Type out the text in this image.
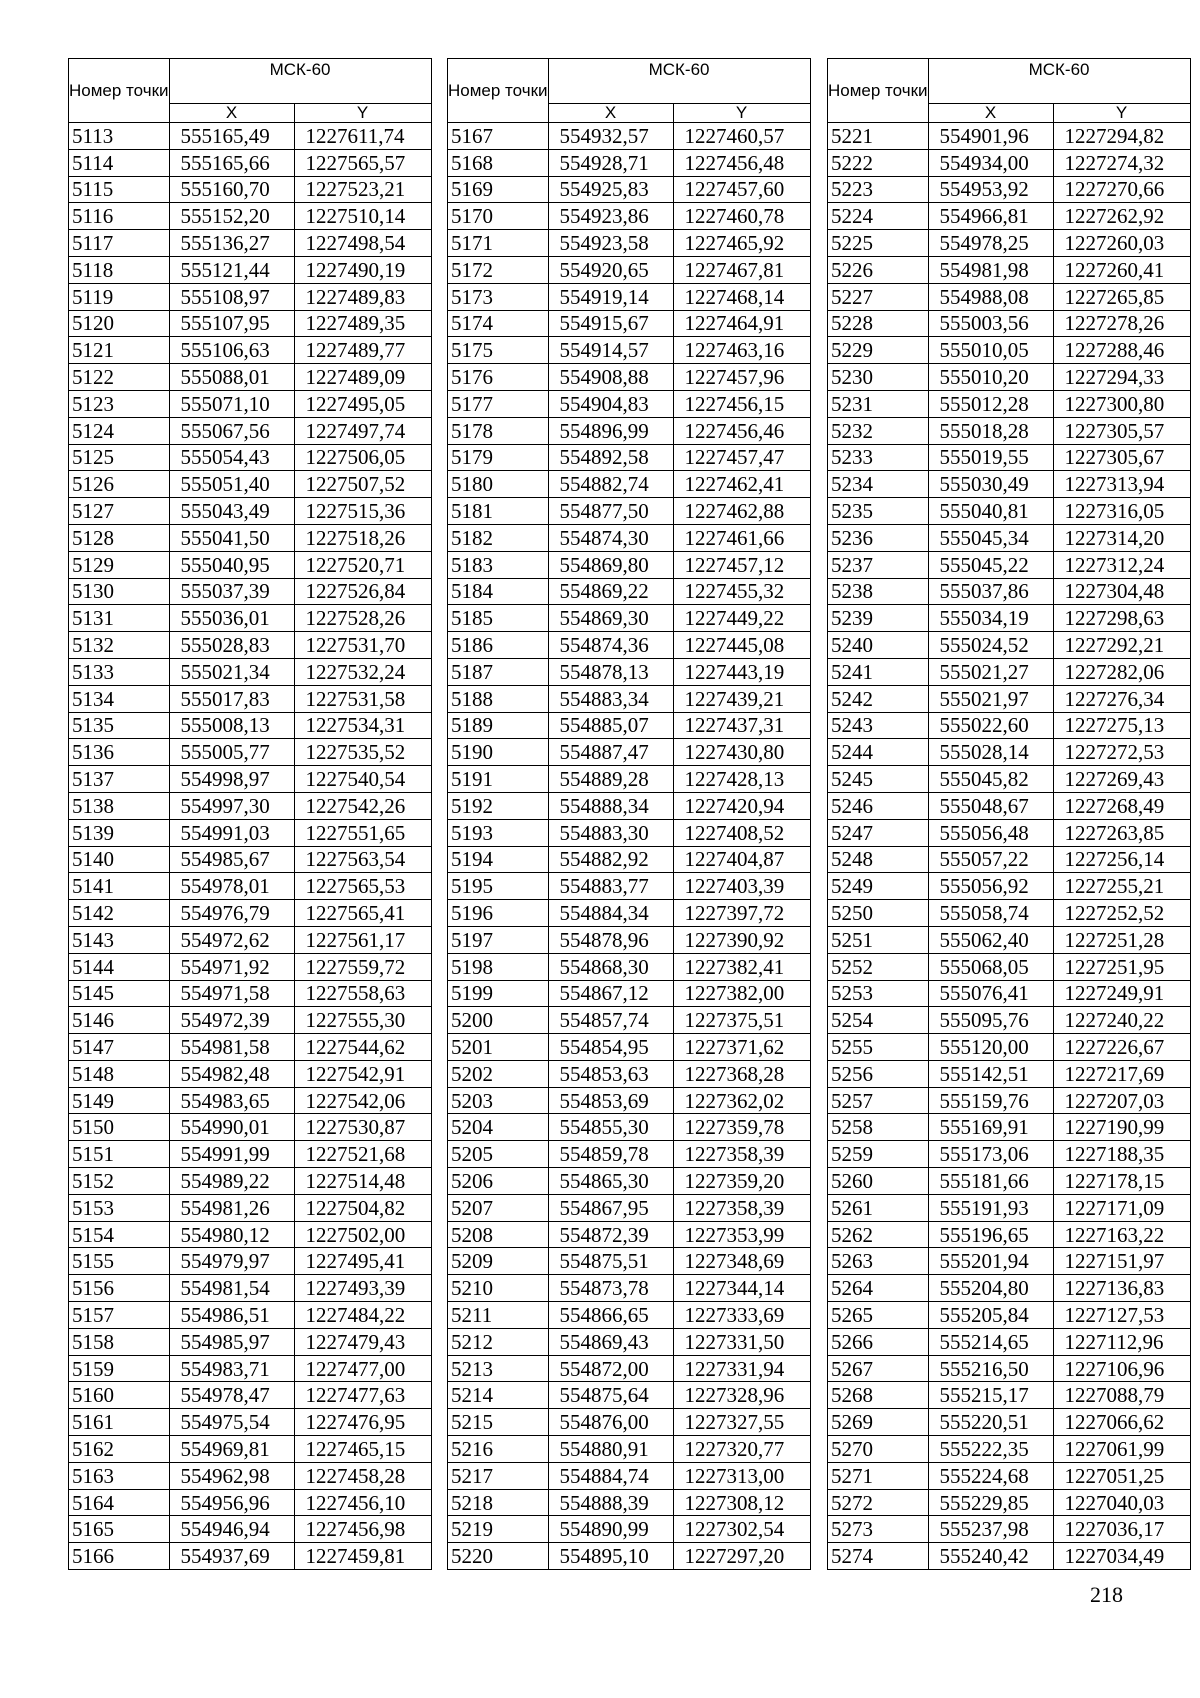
Номер точки	МСК-60	
	X	Y
5113	555165,49	1227611,74
5114	555165,66	1227565,57
5115	555160,70	1227523,21
5116	555152,20	1227510,14
5117	555136,27	1227498,54
5118	555121,44	1227490,19
5119	555108,97	1227489,83
5120	555107,95	1227489,35
5121	555106,63	1227489,77
5122	555088,01	1227489,09
5123	555071,10	1227495,05
5124	555067,56	1227497,74
5125	555054,43	1227506,05
5126	555051,40	1227507,52
5127	555043,49	1227515,36
5128	555041,50	1227518,26
5129	555040,95	1227520,71
5130	555037,39	1227526,84
5131	555036,01	1227528,26
5132	555028,83	1227531,70
5133	555021,34	1227532,24
5134	555017,83	1227531,58
5135	555008,13	1227534,31
5136	555005,77	1227535,52
5137	554998,97	1227540,54
5138	554997,30	1227542,26
5139	554991,03	1227551,65
5140	554985,67	1227563,54
5141	554978,01	1227565,53
5142	554976,79	1227565,41
5143	554972,62	1227561,17
5144	554971,92	1227559,72
5145	554971,58	1227558,63
5146	554972,39	1227555,30
5147	554981,58	1227544,62
5148	554982,48	1227542,91
5149	554983,65	1227542,06
5150	554990,01	1227530,87
5151	554991,99	1227521,68
5152	554989,22	1227514,48
5153	554981,26	1227504,82
5154	554980,12	1227502,00
5155	554979,97	1227495,41
5156	554981,54	1227493,39
5157	554986,51	1227484,22
5158	554985,97	1227479,43
5159	554983,71	1227477,00
5160	554978,47	1227477,63
5161	554975,54	1227476,95
5162	554969,81	1227465,15
5163	554962,98	1227458,28
5164	554956,96	1227456,10
5165	554946,94	1227456,98
5166	554937,69	1227459,81
Номер точки	МСК-60	
	X	Y
5167	554932,57	1227460,57
5168	554928,71	1227456,48
5169	554925,83	1227457,60
5170	554923,86	1227460,78
5171	554923,58	1227465,92
5172	554920,65	1227467,81
5173	554919,14	1227468,14
5174	554915,67	1227464,91
5175	554914,57	1227463,16
5176	554908,88	1227457,96
5177	554904,83	1227456,15
5178	554896,99	1227456,46
5179	554892,58	1227457,47
5180	554882,74	1227462,41
5181	554877,50	1227462,88
5182	554874,30	1227461,66
5183	554869,80	1227457,12
5184	554869,22	1227455,32
5185	554869,30	1227449,22
5186	554874,36	1227445,08
5187	554878,13	1227443,19
5188	554883,34	1227439,21
5189	554885,07	1227437,31
5190	554887,47	1227430,80
5191	554889,28	1227428,13
5192	554888,34	1227420,94
5193	554883,30	1227408,52
5194	554882,92	1227404,87
5195	554883,77	1227403,39
5196	554884,34	1227397,72
5197	554878,96	1227390,92
5198	554868,30	1227382,41
5199	554867,12	1227382,00
5200	554857,74	1227375,51
5201	554854,95	1227371,62
5202	554853,63	1227368,28
5203	554853,69	1227362,02
5204	554855,30	1227359,78
5205	554859,78	1227358,39
5206	554865,30	1227359,20
5207	554867,95	1227358,39
5208	554872,39	1227353,99
5209	554875,51	1227348,69
5210	554873,78	1227344,14
5211	554866,65	1227333,69
5212	554869,43	1227331,50
5213	554872,00	1227331,94
5214	554875,64	1227328,96
5215	554876,00	1227327,55
5216	554880,91	1227320,77
5217	554884,74	1227313,00
5218	554888,39	1227308,12
5219	554890,99	1227302,54
5220	554895,10	1227297,20
Номер точки	МСК-60	
	X	Y
5221	554901,96	1227294,82
5222	554934,00	1227274,32
5223	554953,92	1227270,66
5224	554966,81	1227262,92
5225	554978,25	1227260,03
5226	554981,98	1227260,41
5227	554988,08	1227265,85
5228	555003,56	1227278,26
5229	555010,05	1227288,46
5230	555010,20	1227294,33
5231	555012,28	1227300,80
5232	555018,28	1227305,57
5233	555019,55	1227305,67
5234	555030,49	1227313,94
5235	555040,81	1227316,05
5236	555045,34	1227314,20
5237	555045,22	1227312,24
5238	555037,86	1227304,48
5239	555034,19	1227298,63
5240	555024,52	1227292,21
5241	555021,27	1227282,06
5242	555021,97	1227276,34
5243	555022,60	1227275,13
5244	555028,14	1227272,53
5245	555045,82	1227269,43
5246	555048,67	1227268,49
5247	555056,48	1227263,85
5248	555057,22	1227256,14
5249	555056,92	1227255,21
5250	555058,74	1227252,52
5251	555062,40	1227251,28
5252	555068,05	1227251,95
5253	555076,41	1227249,91
5254	555095,76	1227240,22
5255	555120,00	1227226,67
5256	555142,51	1227217,69
5257	555159,76	1227207,03
5258	555169,91	1227190,99
5259	555173,06	1227188,35
5260	555181,66	1227178,15
5261	555191,93	1227171,09
5262	555196,65	1227163,22
5263	555201,94	1227151,97
5264	555204,80	1227136,83
5265	555205,84	1227127,53
5266	555214,65	1227112,96
5267	555216,50	1227106,96
5268	555215,17	1227088,79
5269	555220,51	1227066,62
5270	555222,35	1227061,99
5271	555224,68	1227051,25
5272	555229,85	1227040,03
5273	555237,98	1227036,17
5274	555240,42	1227034,49
218
